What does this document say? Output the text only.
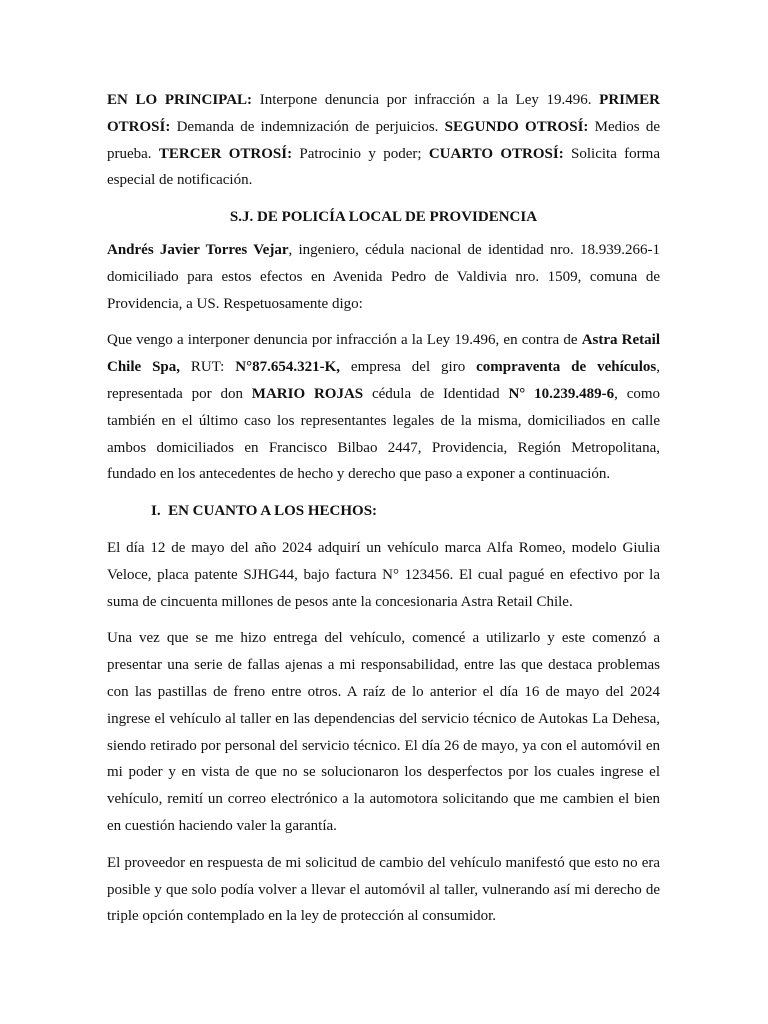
EN LO PRINCIPAL: Interpone denuncia por infracción a la Ley 19.496. PRIMER OTROSÍ: Demanda de indemnización de perjuicios. SEGUNDO OTROSÍ: Medios de prueba. TERCER OTROSÍ: Patrocinio y poder; CUARTO OTROSÍ: Solicita forma especial de notificación.

S.J. DE POLICÍA LOCAL DE PROVIDENCIA

Andrés Javier Torres Vejar, ingeniero, cédula nacional de identidad nro. 18.939.266-1 domiciliado para estos efectos en Avenida Pedro de Valdivia nro. 1509, comuna de Providencia, a US. Respetuosamente digo:

Que vengo a interponer denuncia por infracción a la Ley 19.496, en contra de Astra Retail Chile Spa, RUT: N°87.654.321-K, empresa del giro compraventa de vehículos, representada por don MARIO ROJAS cédula de Identidad N° 10.239.489-6, como también en el último caso los representantes legales de la misma, domiciliados en calle ambos domiciliados en Francisco Bilbao 2447, Providencia, Región Metropolitana, fundado en los antecedentes de hecho y derecho que paso a exponer a continuación.

I. EN CUANTO A LOS HECHOS:

El día 12 de mayo del año 2024 adquirí un vehículo marca Alfa Romeo, modelo Giulia Veloce, placa patente SJHG44, bajo factura N° 123456. El cual pagué en efectivo por la suma de cincuenta millones de pesos ante la concesionaria Astra Retail Chile.

Una vez que se me hizo entrega del vehículo, comencé a utilizarlo y este comenzó a presentar una serie de fallas ajenas a mi responsabilidad, entre las que destaca problemas con las pastillas de freno entre otros. A raíz de lo anterior el día 16 de mayo del 2024 ingrese el vehículo al taller en las dependencias del servicio técnico de Autokas La Dehesa, siendo retirado por personal del servicio técnico. El día 26 de mayo, ya con el automóvil en mi poder y en vista de que no se solucionaron los desperfectos por los cuales ingrese el vehículo, remití un correo electrónico a la automotora solicitando que me cambien el bien en cuestión haciendo valer la garantía.

El proveedor en respuesta de mi solicitud de cambio del vehículo manifestó que esto no era posible y que solo podía volver a llevar el automóvil al taller, vulnerando así mi derecho de triple opción contemplado en la ley de protección al consumidor.
